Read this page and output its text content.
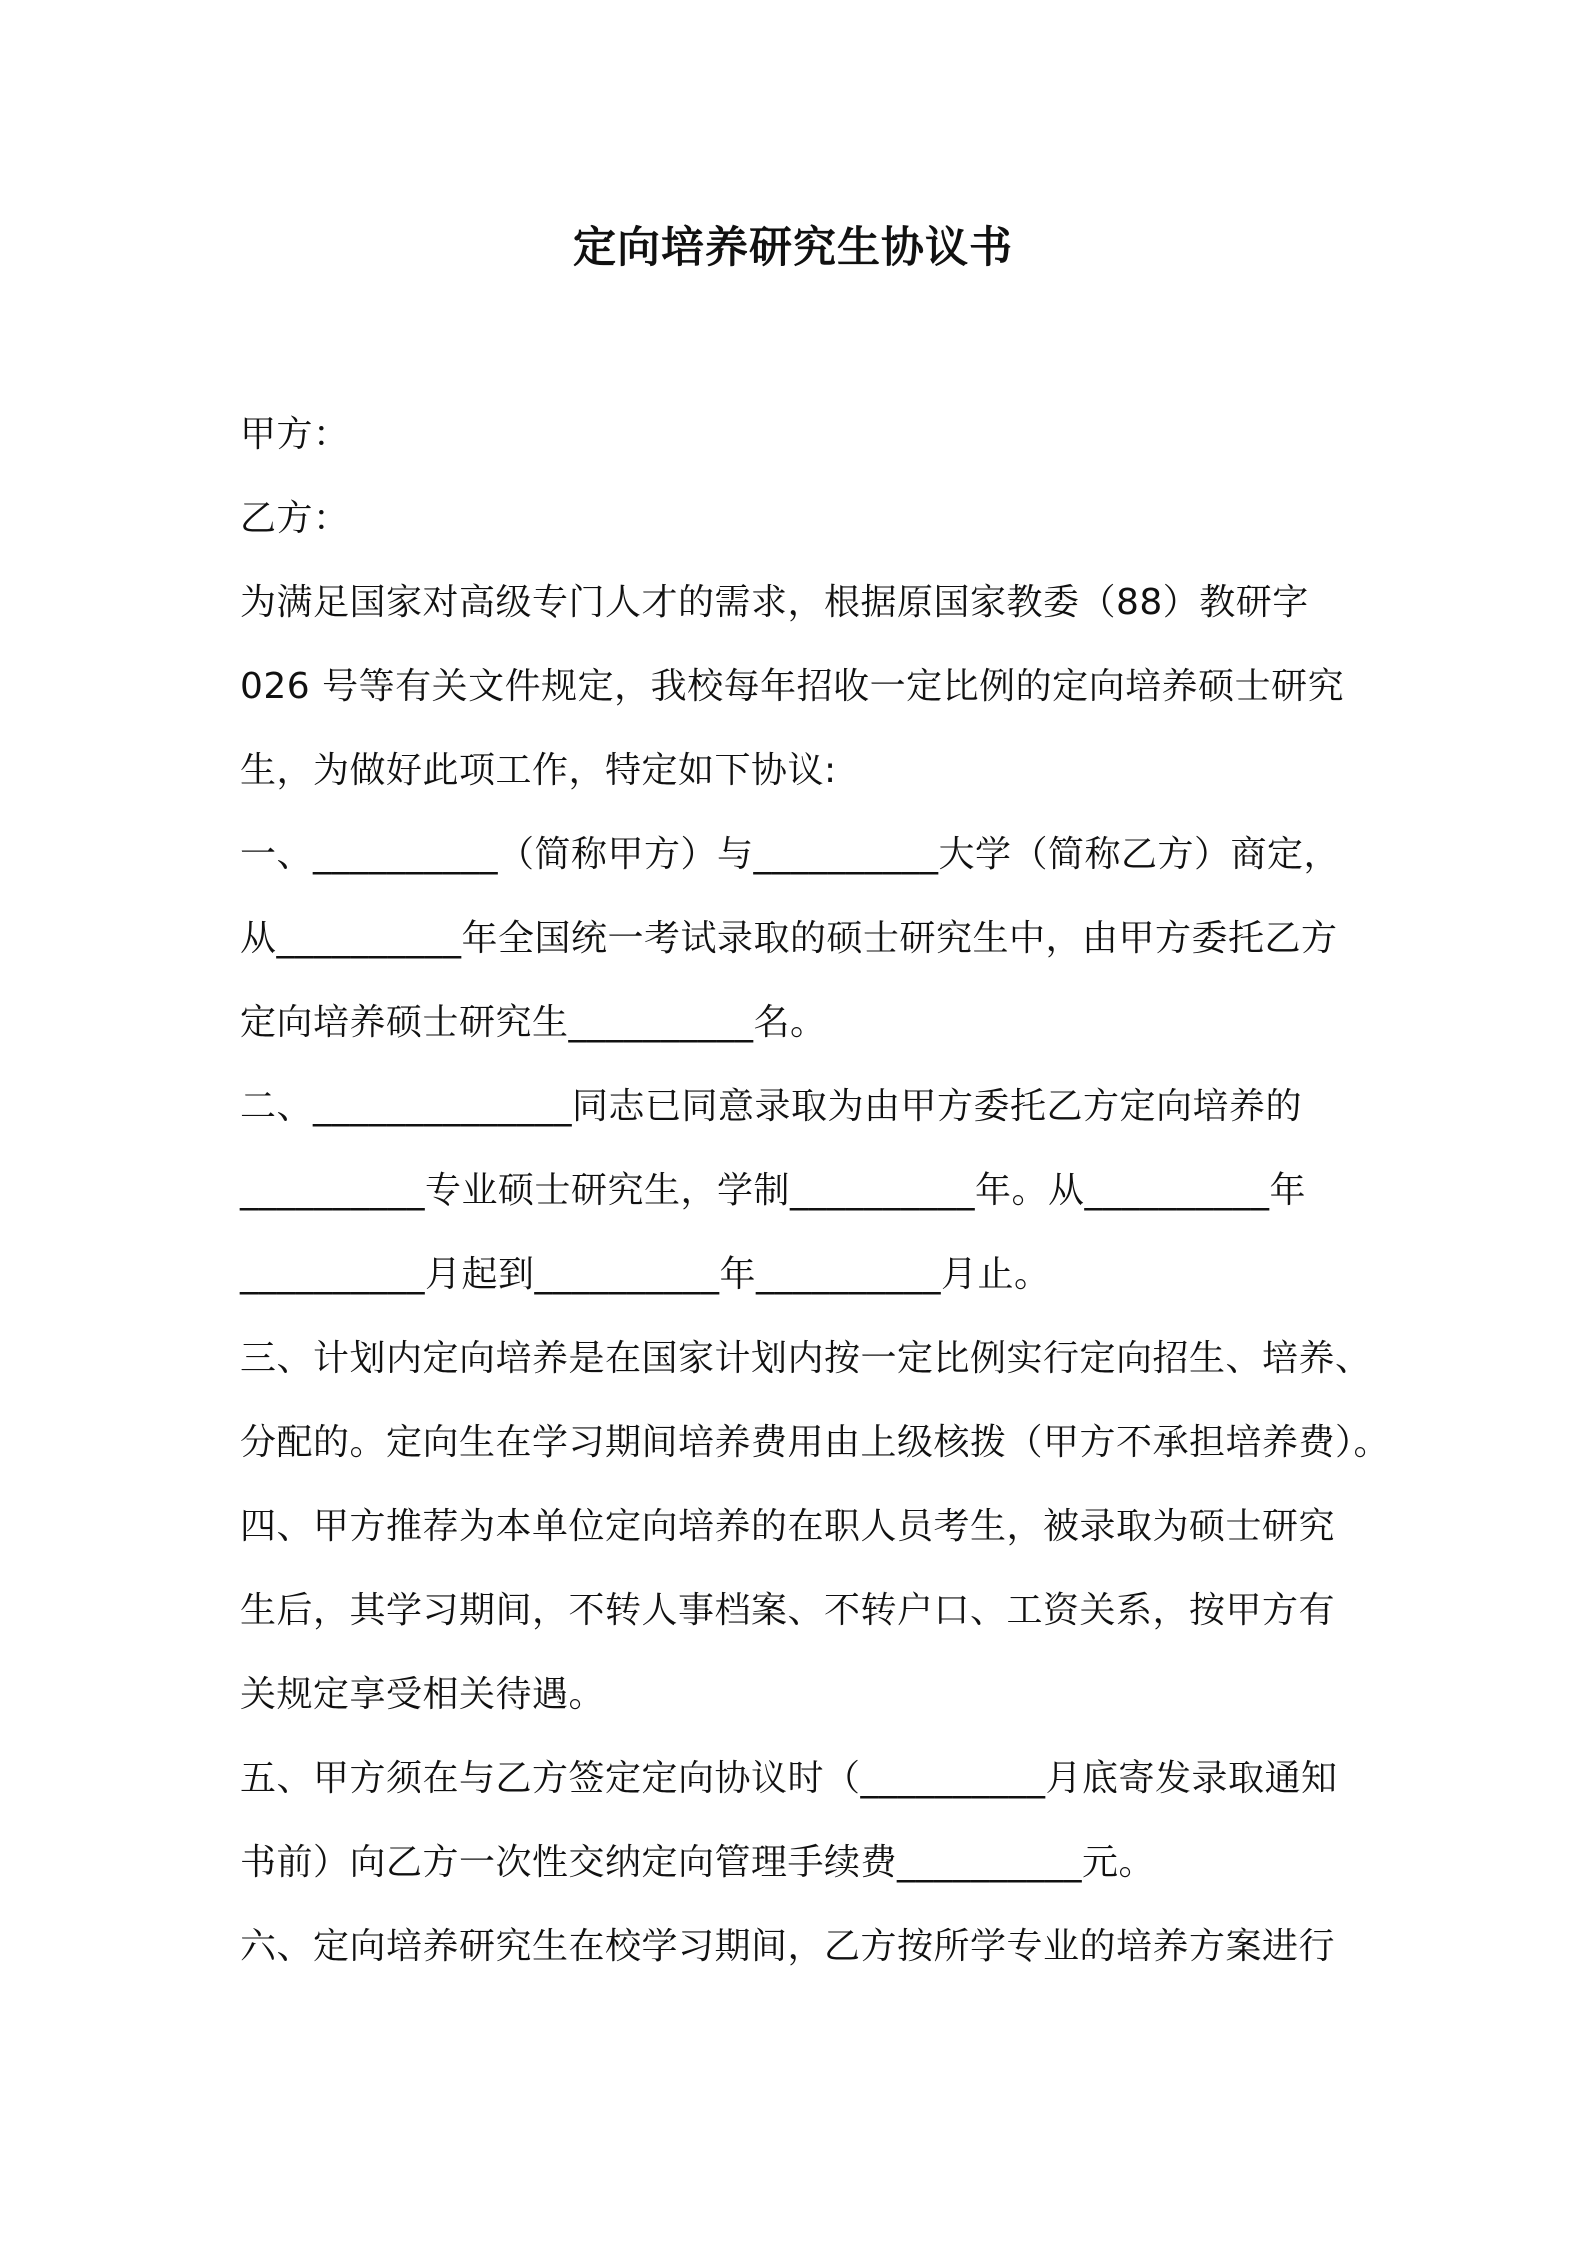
定向培养研究生协议书
甲方：
乙方：
为满足国家对高级专门人才的需求，根据原国家教委（88）教研字
026 号等有关文件规定，我校每年招收一定比例的定向培养硕士研究
生，为做好此项工作，特定如下协议:
一、__________（简称甲方）与__________大学（简称乙方）商定，
从__________年全国统一考试录取的硕士研究生中，由甲方委托乙方
定向培养硕士研究生__________名。
二、______________同志已同意录取为由甲方委托乙方定向培养的
__________专业硕士研究生，学制__________年。从__________年
__________月起到__________年__________月止。
三、计划内定向培养是在国家计划内按一定比例实行定向招生、培养、
分配的。定向生在学习期间培养费用由上级核拨（甲方不承担培养费）。
四、甲方推荐为本单位定向培养的在职人员考生，被录取为硕士研究
生后，其学习期间，不转人事档案、不转户口、工资关系，按甲方有
关规定享受相关待遇。
五、甲方须在与乙方签定定向协议时（__________月底寄发录取通知
书前）向乙方一次性交纳定向管理手续费__________元。
六、定向培养研究生在校学习期间，乙方按所学专业的培养方案进行
